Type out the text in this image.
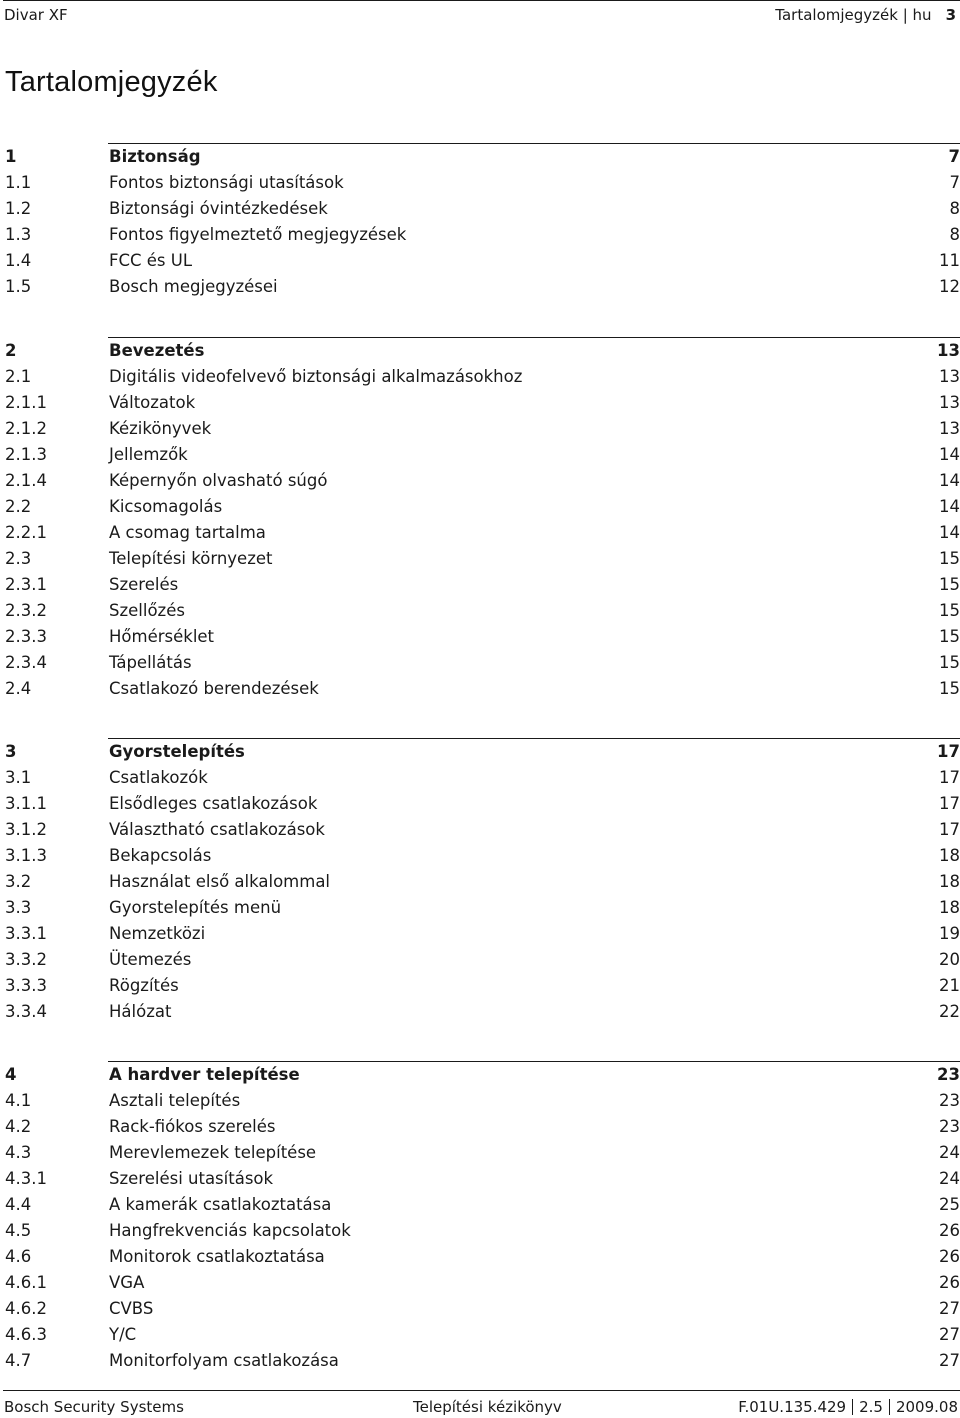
Divar XF	Tartalomjegyzék | hu 3
Tartalomjegyzék
1	Biztonság	7
1.1	Fontos biztonsági utasítások	7
1.2	Biztonsági óvintézkedések	8
1.3	Fontos figyelmeztető megjegyzések	8
1.4	FCC és UL	11
1.5	Bosch megjegyzései	12
2	Bevezetés	13
2.1	Digitális videofelvevő biztonsági alkalmazásokhoz	13
2.1.1	Változatok	13
2.1.2	Kézikönyvek	13
2.1.3	Jellemzők	14
2.1.4	Képernyőn olvasható súgó	14
2.2	Kicsomagolás	14
2.2.1	A csomag tartalma	14
2.3	Telepítési környezet	15
2.3.1	Szerelés	15
2.3.2	Szellőzés	15
2.3.3	Hőmérséklet	15
2.3.4	Tápellátás	15
2.4	Csatlakozó berendezések	15
3	Gyorstelepítés	17
3.1	Csatlakozók	17
3.1.1	Elsődleges csatlakozások	17
3.1.2	Választható csatlakozások	17
3.1.3	Bekapcsolás	18
3.2	Használat első alkalommal	18
3.3	Gyorstelepítés menü	18
3.3.1	Nemzetközi	19
3.3.2	Ütemezés	20
3.3.3	Rögzítés	21
3.3.4	Hálózat	22
4	A hardver telepítése	23
4.1	Asztali telepítés	23
4.2	Rack-fiókos szerelés	23
4.3	Merevlemezek telepítése	24
4.3.1	Szerelési utasítások	24
4.4	A kamerák csatlakoztatása	25
4.5	Hangfrekvenciás kapcsolatok	26
4.6	Monitorok csatlakoztatása	26
4.6.1	VGA	26
4.6.2	CVBS	27
4.6.3	Y/C	27
4.7	Monitorfolyam csatlakozása	27
Bosch Security Systems	Telepítési kézikönyv	F.01U.135.429 2.5 2009.08
